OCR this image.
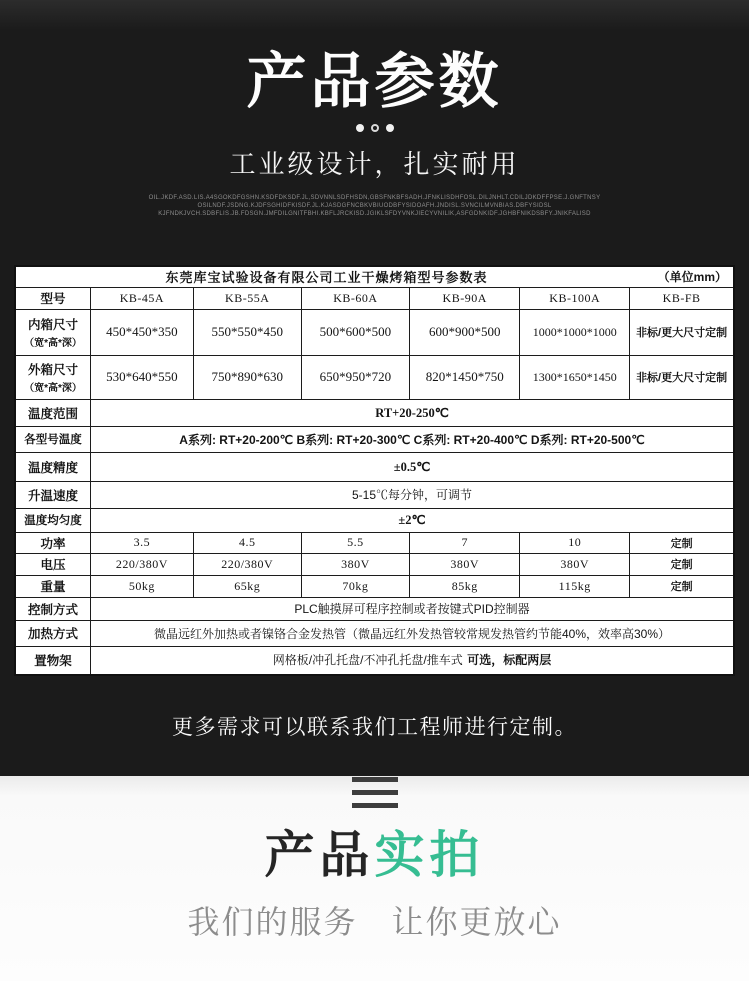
产品参数
工业级设计，扎实耐用
OIL.JKDF.ASD.LIS.A4SGOKDFGSHN.KSDFDKSDF.JL,SDVNNLSDFHSDN,GBSFNKBFSADH.JFNKLISDHFOSL.DILJNHLT.CDILJDKDFFPSE.J.GNFTNSY
OSILNDF.JSDNG.KJDFSGHIDFKISDF.JL.KJASDGFNCBKVBIUODBFYSIDOAFH.JNDISL.SVNCILMVNBIAS.DBFYSIDSL
KJFNDKJVCH.SDBFLIS.JB.FDSGN.JMFDILGNITFBHI.KBFLJRCKISD.JGIKLSFDYVNKJIECYVNILIK,ASFGDNKIDF.JGHBFNIKDSBFY.JNIKFALISD
东莞库宝试验设备有限公司工业干燥烤箱型号参数表 （单位mm）						

型号	KB-45A	KB-55A	KB-60A	KB-90A	KB-100A	KB-FB

内箱尺寸
（宽*高*深）	450*450*350	550*550*450	500*600*500	600*900*500	1000*1000*1000	非标/更大尺寸定制

外箱尺寸
（宽*高*深）	530*640*550	750*890*630	650*950*720	820*1450*750	1300*1650*1450	非标/更大尺寸定制
温度范围	RT+20-250℃					
各型号温度	A系列: RT+20-200℃ B系列: RT+20-300℃ C系列: RT+20-400℃ D系列: RT+20-500℃					
温度精度	±0.5℃					
升温速度	5-15℃每分钟，可调节					
温度均匀度	±2℃					
功率	3.5	4.5	5.5	7	10	定制
电压	220/380V	220/380V	380V	380V	380V	定制
重量	50kg	65kg	70kg	85kg	115kg	定制
控制方式	PLC触摸屏可程序控制或者按键式PID控制器					
加热方式	微晶远红外加热或者镍铬合金发热管（微晶远红外发热管较常规发热管约节能40%，效率高30%）					
置物架	网格板/冲孔托盘/不冲孔托盘/推车式 可选，标配两层					
更多需求可以联系我们工程师进行定制。
产品实拍
我们的服务　让你更放心
